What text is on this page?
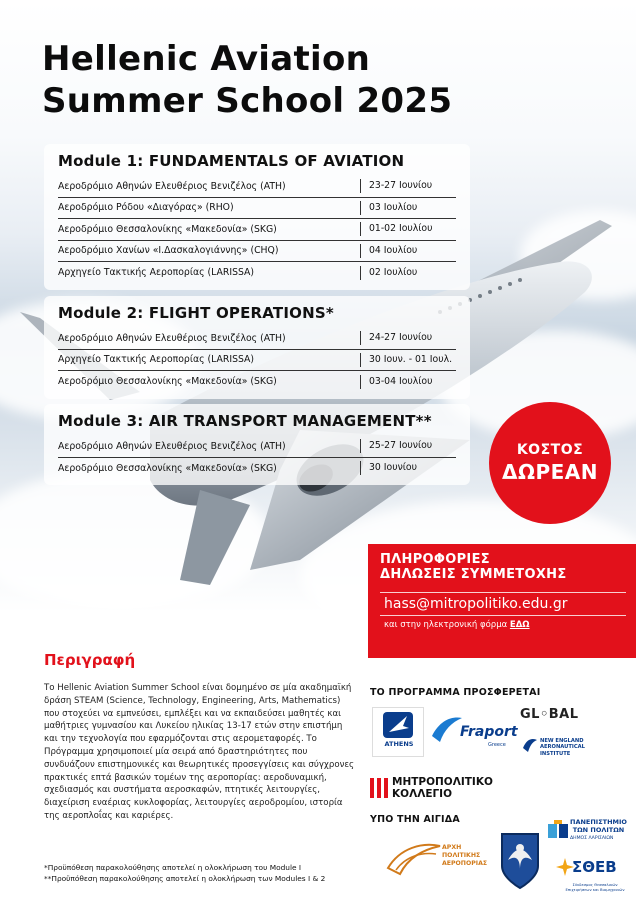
Hellenic Aviation
Summer School 2025
Module 1: FUNDAMENTALS OF AVIATION
Αεροδρόμιο Αθηνών Ελευθέριος Βενιζέλος (ATH)	23-27 Ιουνίου
Αεροδρόμιο Ρόδου «Διαγόρας» (RHO)	03 Ιουλίου
Αεροδρόμιο Θεσσαλονίκης «Μακεδονία» (SKG)	01-02 Ιουλίου
Αεροδρόμιο Χανίων «Ι.Δασκαλογιάννης» (CHQ)	04 Ιουλίου
Αρχηγείο Τακτικής Αεροπορίας (LARISSA)	02 Ιουλίου
Module 2: FLIGHT OPERATIONS*
Αεροδρόμιο Αθηνών Ελευθέριος Βενιζέλος (ATH)	24-27 Ιουνίου
Αρχηγείο Τακτικής Αεροπορίας (LARISSA)	30 Ιουν. - 01 Ιουλ.
Αεροδρόμιο Θεσσαλονίκης «Μακεδονία» (SKG)	03-04 Ιουλίου
Module 3: AIR TRANSPORT MANAGEMENT**
Αεροδρόμιο Αθηνών Ελευθέριος Βενιζέλος (ATH)	25-27 Ιουνίου
Αεροδρόμιο Θεσσαλονίκης «Μακεδονία» (SKG)	30 Ιουνίου
ΚΟΣΤΟΣ
ΔΩΡΕΑΝ
ΠΛΗΡΟΦΟΡΙΕΣ
ΔΗΛΩΣΕΙΣ ΣΥΜΜΕΤΟΧΗΣ
hass@mitropolitiko.edu.gr
και στην ηλεκτρονική φόρμα ΕΔΩ
Περιγραφή
Το Hellenic Aviation Summer School είναι δομημένο σε μία ακαδημαϊκή δράση STEAM (Science, Technology, Engineering, Arts, Mathematics) που στοχεύει να εμπνεύσει, εμπλέξει και να εκπαιδεύσει μαθητές και μαθήτριες γυμνασίου και Λυκείου ηλικίας 13-17 ετών στην επιστήμη και την τεχνολογία που εφαρμόζονται στις αερομεταφορές. Το Πρόγραμμα χρησιμοποιεί μία σειρά από δραστηριότητες που συνδυάζουν επιστημονικές και θεωρητικές προσεγγίσεις και σύγχρονες πρακτικές επτά βασικών τομέων της αεροπορίας: αεροδυναμική, σχεδιασμός και συστήματα αεροσκαφών, πτητικές λειτουργίες, διαχείριση εναέριας κυκλοφορίας, λειτουργίες αεροδρομίου, ιστορία της αεροπλοΐας και καριέρες.
*Προϋπόθεση παρακολούθησης αποτελεί η ολοκλήρωση του Module I
**Προϋπόθεση παρακολούθησης αποτελεί η ολοκλήρωση των Modules I & 2
ΤΟ ΠΡΟΓΡΑΜΜΑ ΠΡΟΣΦΕΡΕΤΑΙ
ATHENS
Fraport
Greece
GL◦BAL
NEW ENGLAND
AERONAUTICAL
INSTITUTE
ΜΗΤΡΟΠΟΛΙΤΙΚΟ
ΚΟΛΛΕΓΙΟ
ΥΠΟ ΤΗΝ ΑΙΓΙΔΑ
ΑΡΧΗ
ΠΟΛΙΤΙΚΗΣ
ΑΕΡΟΠΟΡΙΑΣ
ΠΑΝΕΠΙΣΤΗΜΙΟ
ΤΩΝ ΠΟΛΙΤΩΝ
ΔΗΜΟΣ ΛΑΡΙΣΑΙΩΝ
ΣΘΕΒ
Σύνδεσμος Θεσσαλικών Επιχειρήσεων και Βιομηχανιών
